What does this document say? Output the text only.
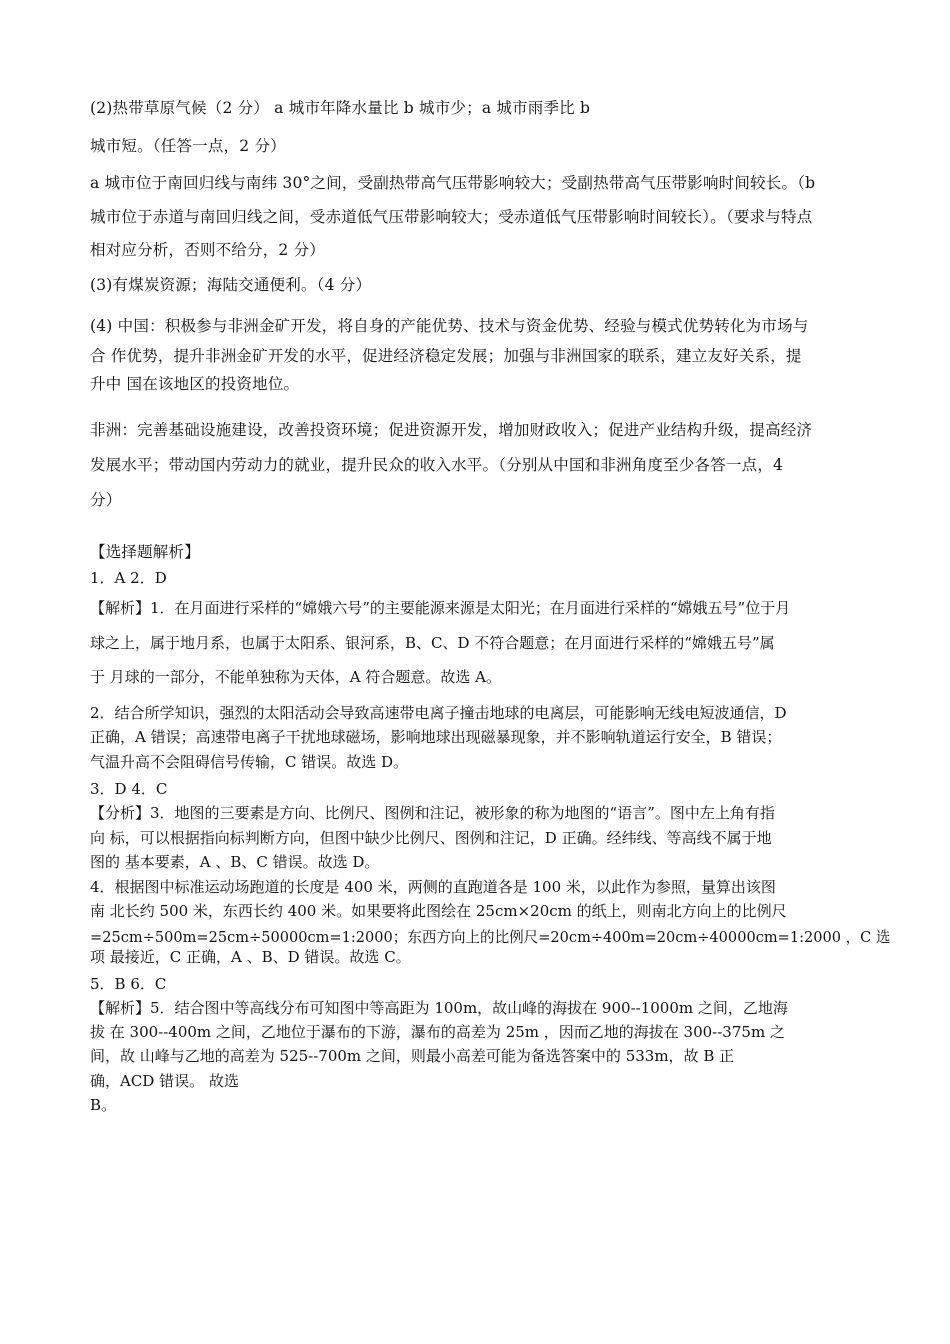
(2)热带草原气候（2 分） a 城市年降水量比 b 城市少；a 城市雨季比 b
城市短。（任答一点，2 分）
a 城市位于南回归线与南纬 30°之间，受副热带高气压带影响较大；受副热带高气压带影响时间较长。（b
城市位于赤道与南回归线之间，受赤道低气压带影响较大；受赤道低气压带影响时间较长）。（要求与特点
相对应分析，否则不给分，2 分）
(3)有煤炭资源；海陆交通便利。（4 分）
(4) 中国：积极参与非洲金矿开发，将自身的产能优势、技术与资金优势、经验与模式优势转化为市场与
合 作优势，提升非洲金矿开发的水平，促进经济稳定发展；加强与非洲国家的联系，建立友好关系，提
升中 国在该地区的投资地位。
非洲：完善基础设施建设，改善投资环境；促进资源开发，增加财政收入；促进产业结构升级，提高经济
发展水平；带动国内劳动力的就业，提升民众的收入水平。（分别从中国和非洲角度至少各答一点，4
分）
【选择题解析】
1．A 2．D
【解析】1．在月面进行采样的“嫦娥六号”的主要能源来源是太阳光；在月面进行采样的“嫦娥五号”位于月
球之上，属于地月系，也属于太阳系、银河系，B、C、D 不符合题意；在月面进行采样的“嫦娥五号”属
于 月球的一部分，不能单独称为天体，A 符合题意。故选 A。
2．结合所学知识，强烈的太阳活动会导致高速带电离子撞击地球的电离层，可能影响无线电短波通信，D
正确，A 错误；高速带电离子干扰地球磁场，影响地球出现磁暴现象，并不影响轨道运行安全，B 错误；
气温升高不会阻碍信号传输，C 错误。故选 D。
3．D 4．C
【分析】3．地图的三要素是方向、比例尺、图例和注记，被形象的称为地图的“语言”。图中左上角有指
向 标，可以根据指向标判断方向，但图中缺少比例尺、图例和注记，D 正确。经纬线、等高线不属于地
图的 基本要素，A 、B、C 错误。故选 D。
4．根据图中标准运动场跑道的长度是 400 米，两侧的直跑道各是 100 米，以此作为参照，量算出该图
南 北长约 500 米，东西长约 400 米。如果要将此图绘在 25cm×20cm 的纸上，则南北方向上的比例尺
=25cm÷500m=25cm÷50000cm=1:2000；东西方向上的比例尺=20cm÷400m=20cm÷40000cm=1:2000 ，C 选
项 最接近，C 正确，A 、B、D 错误。故选 C。
5．B 6．C
【解析】5．结合图中等高线分布可知图中等高距为 100m，故山峰的海拔在 900--1000m 之间，乙地海
拔 在 300--400m 之间，乙地位于瀑布的下游，瀑布的高差为 25m ，因而乙地的海拔在 300--375m 之
间，故 山峰与乙地的高差为 525--700m 之间，则最小高差可能为备选答案中的 533m，故 B 正
确，ACD 错误。 故选
B。
